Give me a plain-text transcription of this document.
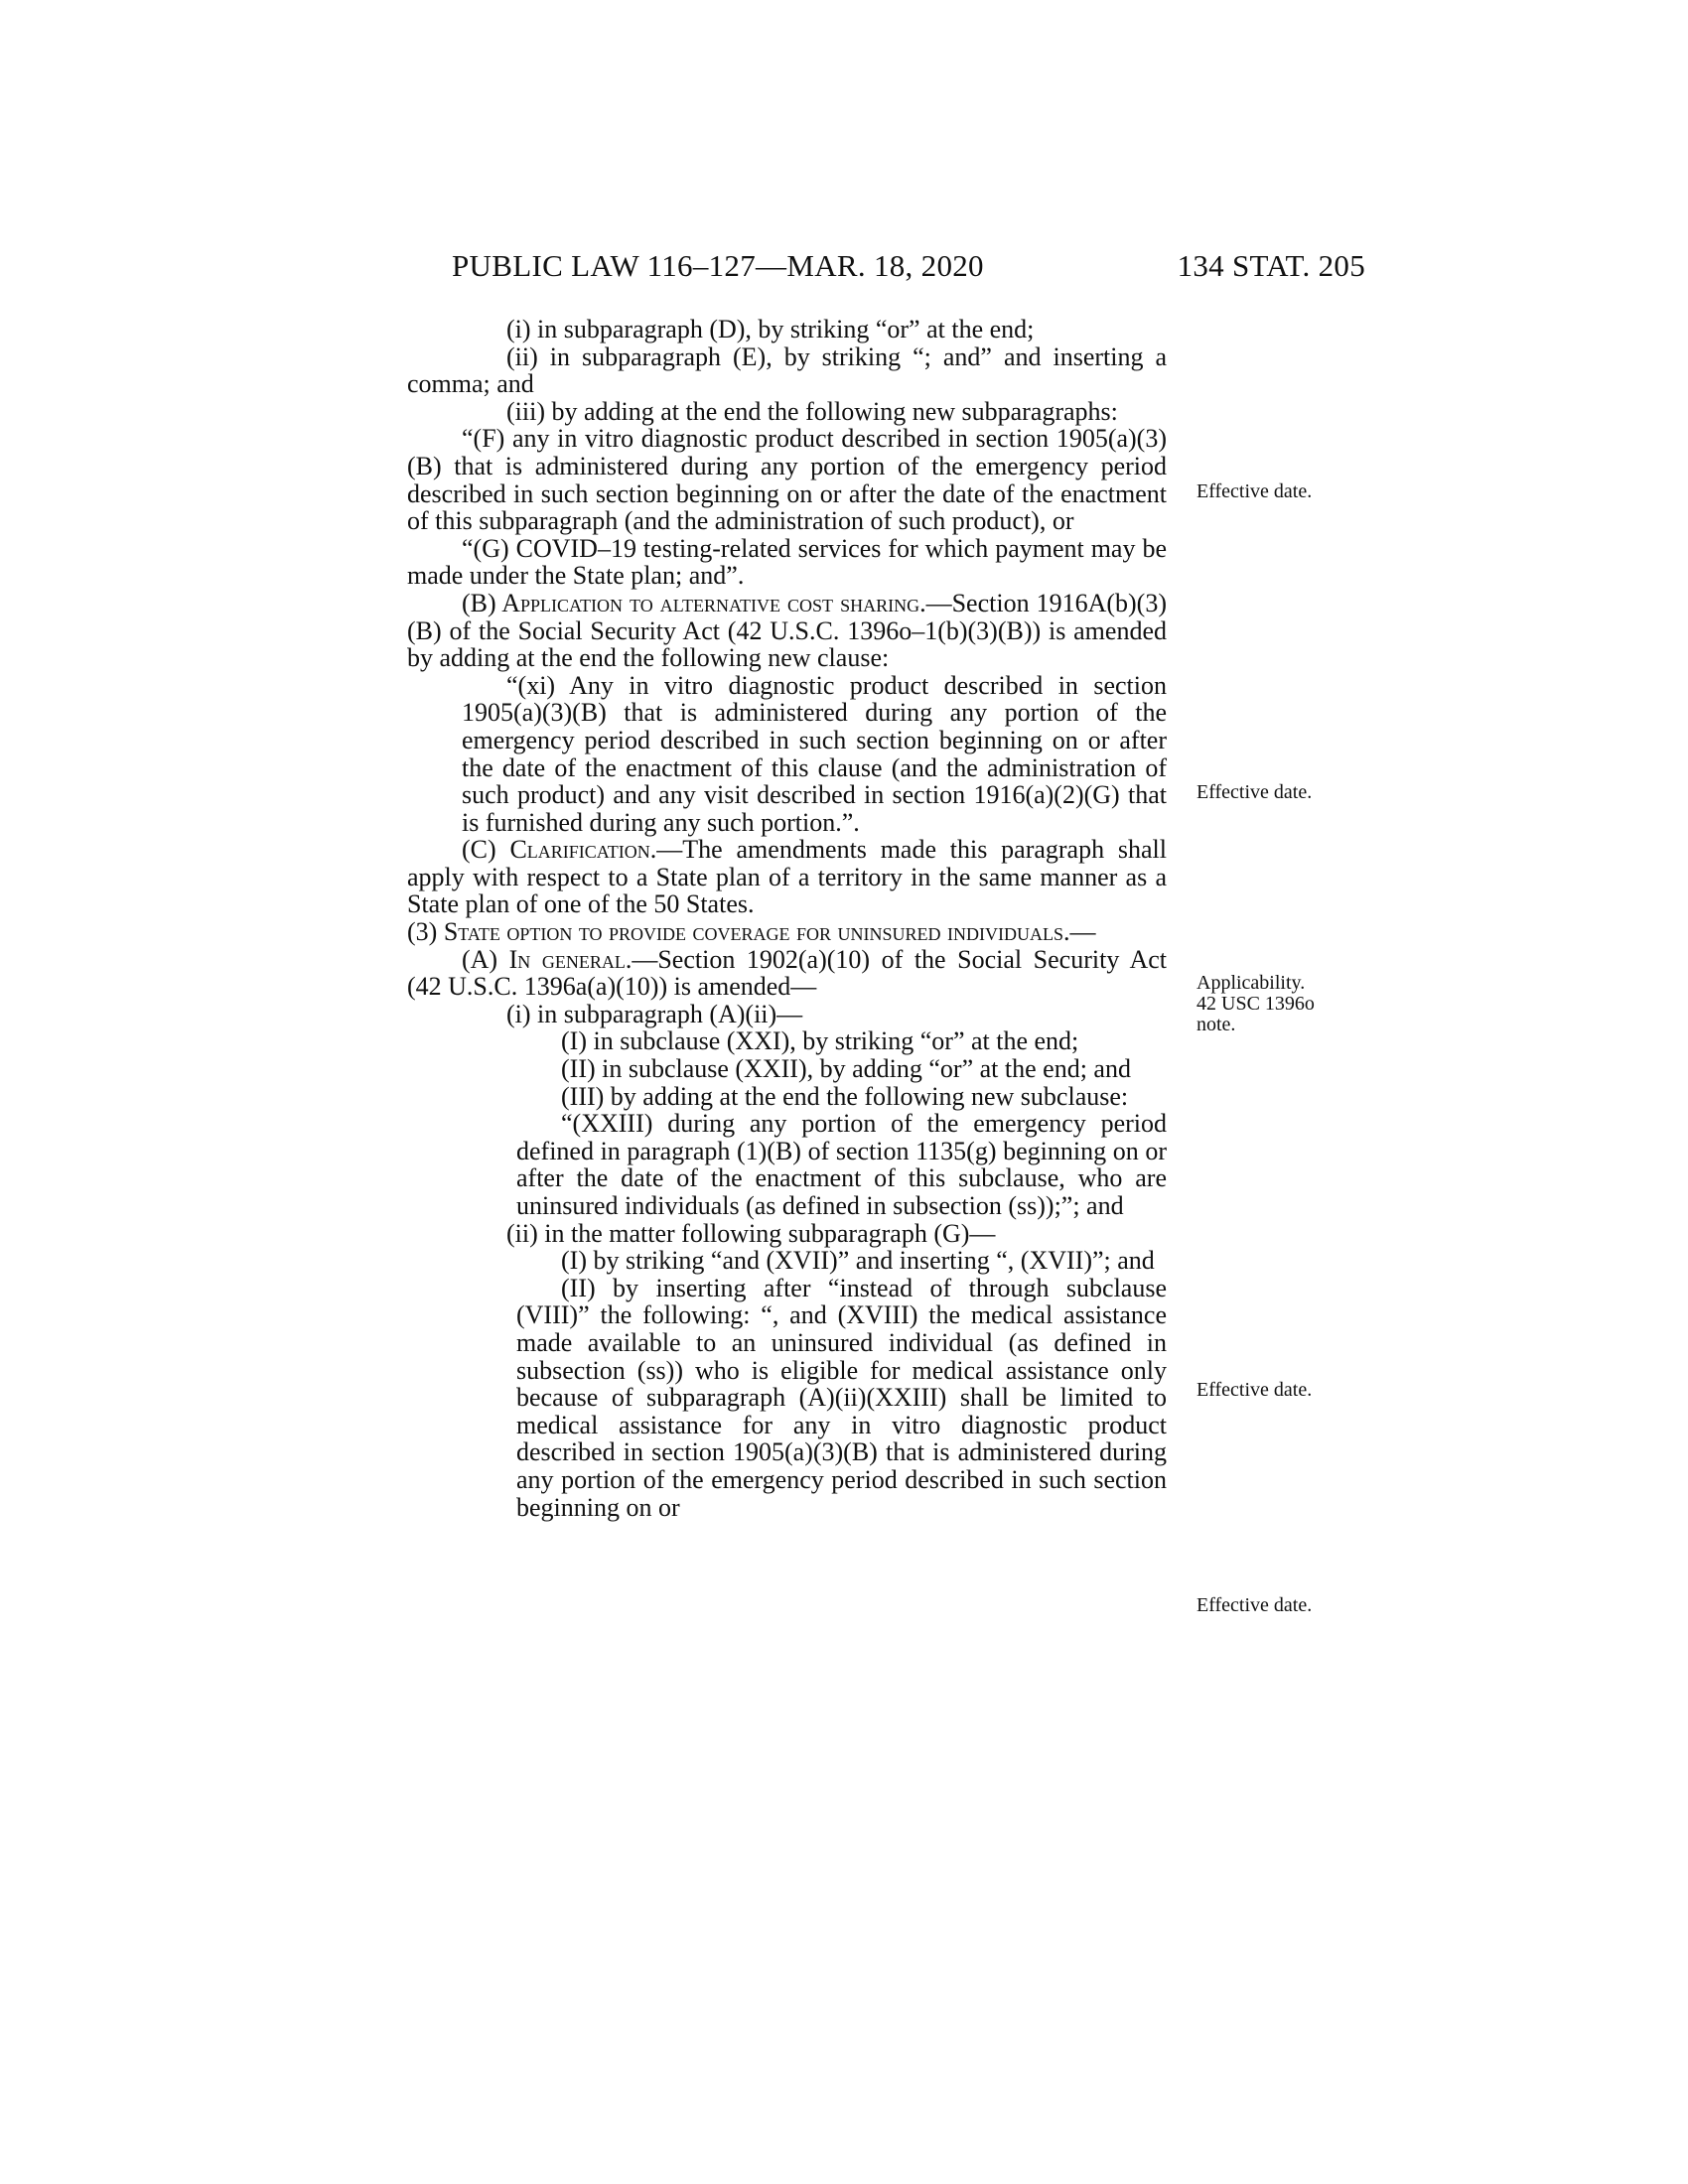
PUBLIC LAW 116–127—MAR. 18, 2020	134 STAT. 205

(i) in subparagraph (D), by striking “or” at the end;

(ii) in subparagraph (E), by striking “; and” and inserting a comma; and

(iii) by adding at the end the following new subparagraphs:

“(F) any in vitro diagnostic product described in section 1905(a)(3)(B) that is administered during any portion of the emergency period described in such section beginning on or after the date of the enactment of this subparagraph (and the administration of such product), or

“(G) COVID–19 testing-related services for which payment may be made under the State plan; and”.

(B) Application to alternative cost sharing.—Section 1916A(b)(3)(B) of the Social Security Act (42 U.S.C. 1396o–1(b)(3)(B)) is amended by adding at the end the following new clause:

“(xi) Any in vitro diagnostic product described in section 1905(a)(3)(B) that is administered during any portion of the emergency period described in such section beginning on or after the date of the enactment of this clause (and the administration of such product) and any visit described in section 1916(a)(2)(G) that is furnished during any such portion.”.

(C) Clarification.—The amendments made this paragraph shall apply with respect to a State plan of a territory in the same manner as a State plan of one of the 50 States.

(3) State option to provide coverage for uninsured individuals.—

(A) In general.—Section 1902(a)(10) of the Social Security Act (42 U.S.C. 1396a(a)(10)) is amended—

(i) in subparagraph (A)(ii)—

(I) in subclause (XXI), by striking “or” at the end;

(II) in subclause (XXII), by adding “or” at the end; and

(III) by adding at the end the following new subclause:

“(XXIII) during any portion of the emergency period defined in paragraph (1)(B) of section 1135(g) beginning on or after the date of the enactment of this subclause, who are uninsured individuals (as defined in subsection (ss));”; and

(ii) in the matter following subparagraph (G)—

(I) by striking “and (XVII)” and inserting “, (XVII)”; and

(II) by inserting after “instead of through subclause (VIII)” the following: “, and (XVIII) the medical assistance made available to an uninsured individual (as defined in subsection (ss)) who is eligible for medical assistance only because of subparagraph (A)(ii)(XXIII) shall be limited to medical assistance for any in vitro diagnostic product described in section 1905(a)(3)(B) that is administered during any portion of the emergency period described in such section beginning on or

Effective date.
Effective date.
Applicability.
42 USC 1396o
note.
Effective date.
Effective date.
